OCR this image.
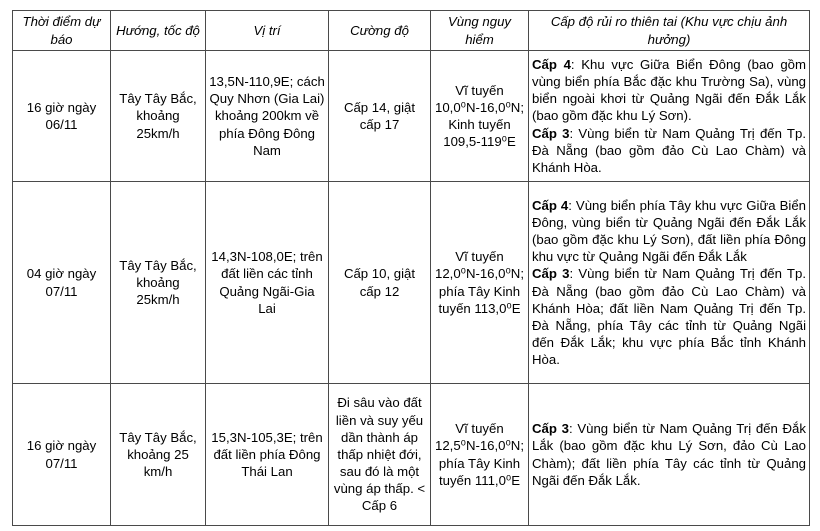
Thời điểm dự báo	Hướng, tốc độ	Vị trí	Cường độ	Vùng nguy hiểm	Cấp độ rủi ro thiên tai (Khu vực chịu ảnh hưởng)
16 giờ ngày 06/11	Tây Tây Bắc, khoảng 25km/h	13,5N-110,9E; cách Quy Nhơn (Gia Lai) khoảng 200km về phía Đông Đông Nam	Cấp 14, giật cấp 17	Vĩ tuyến 10,0⁰N-16,0⁰N; Kinh tuyến 109,5-119⁰E	Cấp 4: Khu vực Giữa Biển Đông (bao gồm vùng biển phía Bắc đặc khu Trường Sa), vùng biển ngoài khơi từ Quảng Ngãi đến Đắk Lắk (bao gồm đặc khu Lý Sơn).

Cấp 3: Vùng biển từ Nam Quảng Trị đến Tp. Đà Nẵng (bao gồm đảo Cù Lao Chàm) và Khánh Hòa.

04 giờ ngày 07/11	Tây Tây Bắc, khoảng 25km/h	14,3N-108,0E; trên đất liền các tỉnh Quảng Ngãi-Gia Lai	Cấp 10, giật cấp 12	Vĩ tuyến 12,0⁰N-16,0⁰N; phía Tây Kinh tuyến 113,0⁰E	Cấp 4: Vùng biển phía Tây khu vực Giữa Biển Đông, vùng biển từ Quảng Ngãi đến Đắk Lắk (bao gồm đặc khu Lý Sơn), đất liền phía Đông khu vực từ Quảng Ngãi đến Đắk Lắk

Cấp 3: Vùng biển từ Nam Quảng Trị đến Tp. Đà Nẵng (bao gồm đảo Cù Lao Chàm) và Khánh Hòa; đất liền Nam Quảng Trị đến Tp. Đà Nẵng, phía Tây các tỉnh từ Quảng Ngãi đến Đắk Lắk; khu vực phía Bắc tỉnh Khánh Hòa.

16 giờ ngày 07/11	Tây Tây Bắc, khoảng 25 km/h	15,3N-105,3E; trên đất liền phía Đông Thái Lan	Đi sâu vào đất liền và suy yếu dần thành áp thấp nhiệt đới, sau đó là một vùng áp thấp. < Cấp 6	Vĩ tuyến 12,5⁰N-16,0⁰N; phía Tây Kinh tuyến 111,0⁰E	Cấp 3: Vùng biển từ Nam Quảng Trị đến Đắk Lắk (bao gồm đặc khu Lý Sơn, đảo Cù Lao Chàm); đất liền phía Tây các tỉnh từ Quảng Ngãi đến Đắk Lắk.
